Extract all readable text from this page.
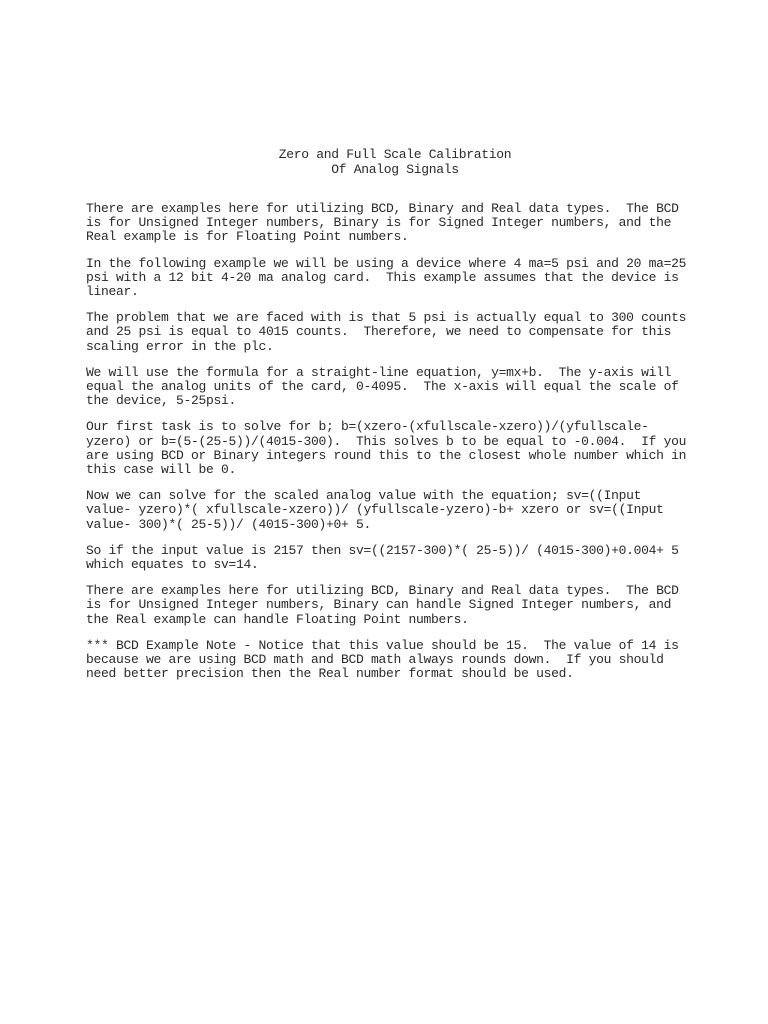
Zero and Full Scale Calibration
Of Analog Signals
There are examples here for utilizing BCD, Binary and Real data types.  The BCD
is for Unsigned Integer numbers, Binary is for Signed Integer numbers, and the
Real example is for Floating Point numbers.
In the following example we will be using a device where 4 ma=5 psi and 20 ma=25
psi with a 12 bit 4-20 ma analog card.  This example assumes that the device is
linear.
The problem that we are faced with is that 5 psi is actually equal to 300 counts
and 25 psi is equal to 4015 counts.  Therefore, we need to compensate for this
scaling error in the plc.
We will use the formula for a straight-line equation, y=mx+b.  The y-axis will
equal the analog units of the card, 0-4095.  The x-axis will equal the scale of
the device, 5-25psi.
Our first task is to solve for b; b=(xzero-(xfullscale-xzero))/(yfullscale-
yzero) or b=(5-(25-5))/(4015-300).  This solves b to be equal to -0.004.  If you
are using BCD or Binary integers round this to the closest whole number which in
this case will be 0.
Now we can solve for the scaled analog value with the equation; sv=((Input
value- yzero)*( xfullscale-xzero))/ (yfullscale-yzero)-b+ xzero or sv=((Input
value- 300)*( 25-5))/ (4015-300)+0+ 5.
So if the input value is 2157 then sv=((2157-300)*( 25-5))/ (4015-300)+0.004+ 5
which equates to sv=14.
There are examples here for utilizing BCD, Binary and Real data types.  The BCD
is for Unsigned Integer numbers, Binary can handle Signed Integer numbers, and
the Real example can handle Floating Point numbers.
*** BCD Example Note - Notice that this value should be 15.  The value of 14 is
because we are using BCD math and BCD math always rounds down.  If you should
need better precision then the Real number format should be used.
